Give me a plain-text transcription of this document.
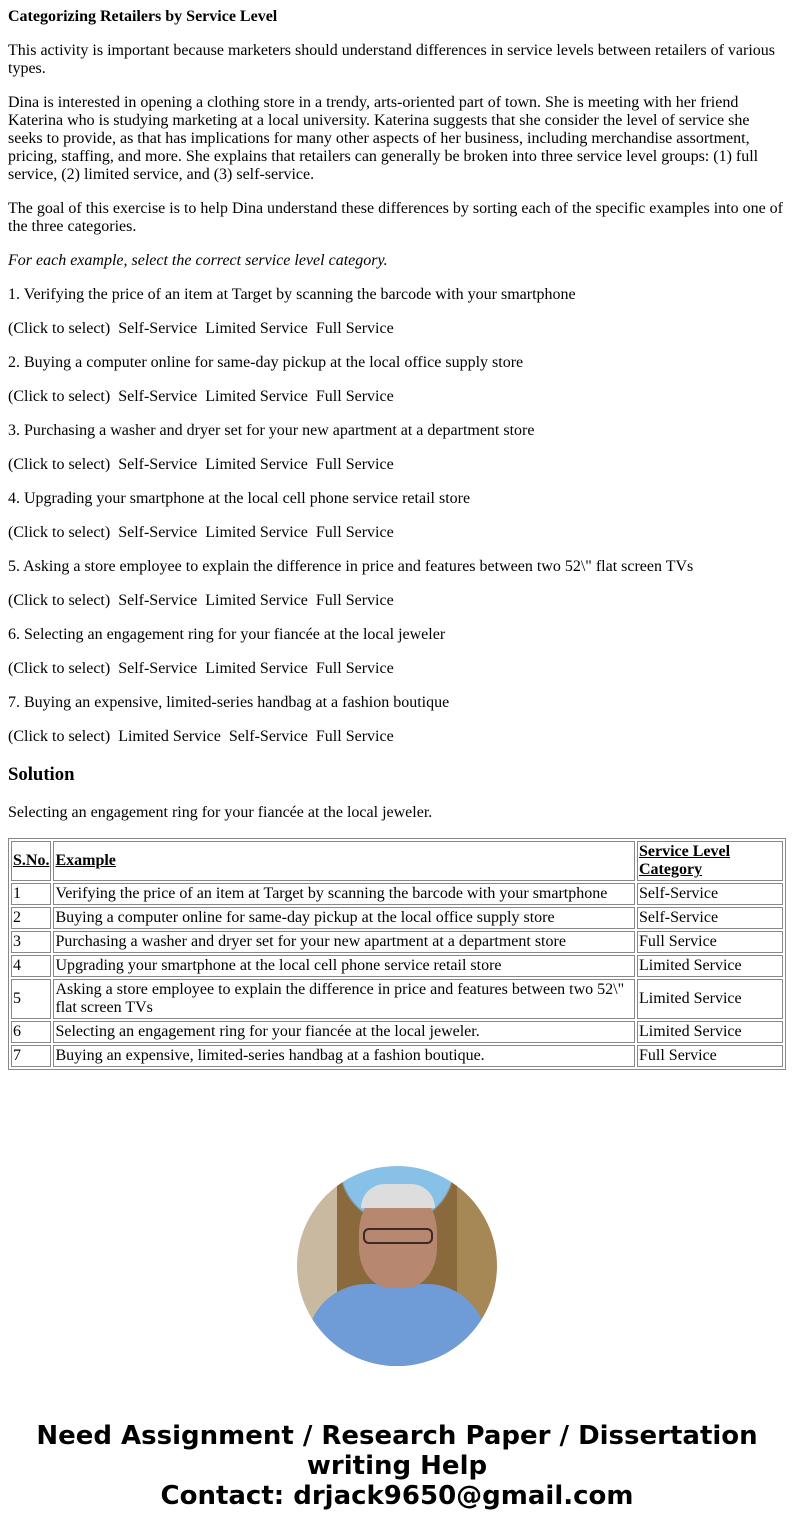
Categorizing Retailers by Service Level

This activity is important because marketers should understand differences in service levels between retailers of various types.

Dina is interested in opening a clothing store in a trendy, arts-oriented part of town. She is meeting with her friend Katerina who is studying marketing at a local university. Katerina suggests that she consider the level of service she seeks to provide, as that has implications for many other aspects of her business, including merchandise assortment, pricing, staffing, and more. She explains that retailers can generally be broken into three service level groups: (1) full service, (2) limited service, and (3) self-service.

The goal of this exercise is to help Dina understand these differences by sorting each of the specific examples into one of the three categories.

For each example, select the correct service level category.

1. Verifying the price of an item at Target by scanning the barcode with your smartphone

(Click to select) Self-Service Limited Service Full Service

2. Buying a computer online for same-day pickup at the local office supply store

(Click to select) Self-Service Limited Service Full Service

3. Purchasing a washer and dryer set for your new apartment at a department store

(Click to select) Self-Service Limited Service Full Service

4. Upgrading your smartphone at the local cell phone service retail store

(Click to select) Self-Service Limited Service Full Service

5. Asking a store employee to explain the difference in price and features between two 52\" flat screen TVs

(Click to select) Self-Service Limited Service Full Service

6. Selecting an engagement ring for your fiancée at the local jeweler

(Click to select) Self-Service Limited Service Full Service

7. Buying an expensive, limited-series handbag at a fashion boutique

(Click to select) Limited Service Self-Service Full Service

Solution

Selecting an engagement ring for your fiancée at the local jeweler.

S.No.	Example	Service Level Category
1	Verifying the price of an item at Target by scanning the barcode with your smartphone	Self-Service
2	Buying a computer online for same-day pickup at the local office supply store	Self-Service
3	Purchasing a washer and dryer set for your new apartment at a department store	Full Service
4	Upgrading your smartphone at the local cell phone service retail store	Limited Service
5	Asking a store employee to explain the difference in price and features between two 52\" flat screen TVs	Limited Service
6	Selecting an engagement ring for your fiancée at the local jeweler.	Limited Service
7	Buying an expensive, limited-series handbag at a fashion boutique.	Full Service
Need Assignment / Research Paper / Dissertation writing Help
Contact: drjack9650@gmail.com
